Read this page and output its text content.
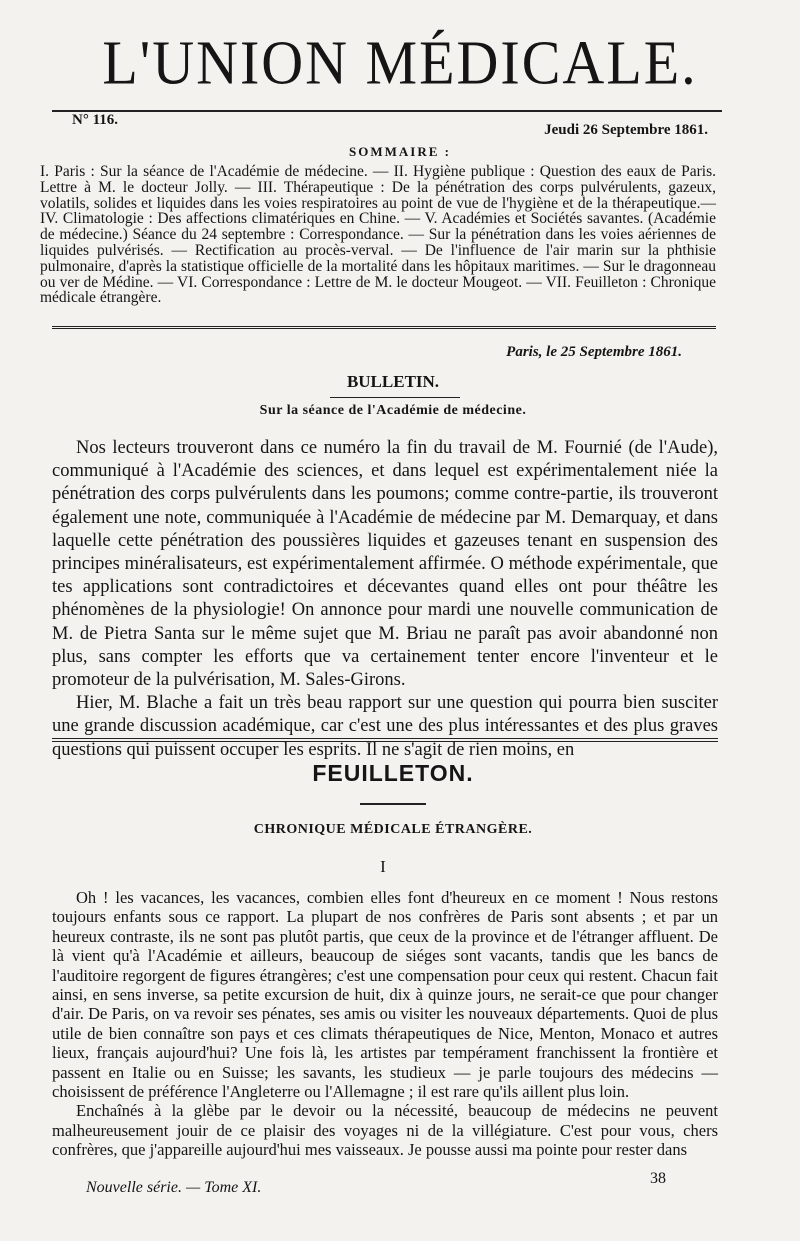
L'UNION MÉDICALE.
N° 116.
Jeudi 26 Septembre 1861.
SOMMAIRE :

I. Paris : Sur la séance de l'Académie de médecine. — II. Hygiène publique : Question des eaux de Paris. Lettre à M. le docteur Jolly. — III. Thérapeutique : De la pénétration des corps pulvérulents, gazeux, volatils, solides et liquides dans les voies respiratoires au point de vue de l'hygiène et de la thérapeutique.— IV. Climatologie : Des affections climatériques en Chine. — V. Académies et Sociétés savantes. (Académie de médecine.) Séance du 24 septembre : Correspondance. — Sur la pénétration dans les voies aériennes de liquides pulvérisés. — Rectification au procès-verval. — De l'influence de l'air marin sur la phthisie pulmonaire, d'après la statistique officielle de la mortalité dans les hôpitaux maritimes. — Sur le dragonneau ou ver de Médine. — VI. Correspondance : Lettre de M. le docteur Mougeot. — VII. Feuilleton : Chronique médicale étrangère.

Paris, le 25 Septembre 1861.
BULLETIN.
Sur la séance de l'Académie de médecine.

Nos lecteurs trouveront dans ce numéro la fin du travail de M. Fournié (de l'Aude), communiqué à l'Académie des sciences, et dans lequel est expérimentalement niée la pénétration des corps pulvérulents dans les poumons; comme contre-partie, ils trouveront également une note, communiquée à l'Académie de médecine par M. Demarquay, et dans laquelle cette pénétration des poussières liquides et gazeuses tenant en suspension des principes minéralisateurs, est expérimentalement affirmée. O méthode expérimentale, que tes applications sont contradictoires et décevantes quand elles ont pour théâtre les phénomènes de la physiologie! On annonce pour mardi une nouvelle communication de M. de Pietra Santa sur le même sujet que M. Briau ne paraît pas avoir abandonné non plus, sans compter les efforts que va certainement tenter encore l'inventeur et le promoteur de la pulvérisation, M. Sales-Girons.

Hier, M. Blache a fait un très beau rapport sur une question qui pourra bien susciter une grande discussion académique, car c'est une des plus intéressantes et des plus graves questions qui puissent occuper les esprits. Il ne s'agit de rien moins, en

FEUILLETON.
CHRONIQUE MÉDICALE ÉTRANGÈRE.
I

Oh ! les vacances, les vacances, combien elles font d'heureux en ce moment ! Nous restons toujours enfants sous ce rapport. La plupart de nos confrères de Paris sont absents ; et par un heureux contraste, ils ne sont pas plutôt partis, que ceux de la province et de l'étranger affluent. De là vient qu'à l'Académie et ailleurs, beaucoup de siéges sont vacants, tandis que les bancs de l'auditoire regorgent de figures étrangères; c'est une compensation pour ceux qui restent. Chacun fait ainsi, en sens inverse, sa petite excursion de huit, dix à quinze jours, ne serait-ce que pour changer d'air. De Paris, on va revoir ses pénates, ses amis ou visiter les nouveaux départements. Quoi de plus utile de bien connaître son pays et ces climats thérapeutiques de Nice, Menton, Monaco et autres lieux, français aujourd'hui? Une fois là, les artistes par tempérament franchissent la frontière et passent en Italie ou en Suisse; les savants, les studieux — je parle toujours des médecins — choisissent de préférence l'Angleterre ou l'Allemagne ; il est rare qu'ils aillent plus loin.

Enchaînés à la glèbe par le devoir ou la nécessité, beaucoup de médecins ne peuvent malheureusement jouir de ce plaisir des voyages ni de la villégiature. C'est pour vous, chers confrères, que j'appareille aujourd'hui mes vaisseaux. Je pousse aussi ma pointe pour rester dans

Nouvelle série. — Tome XI.
38
